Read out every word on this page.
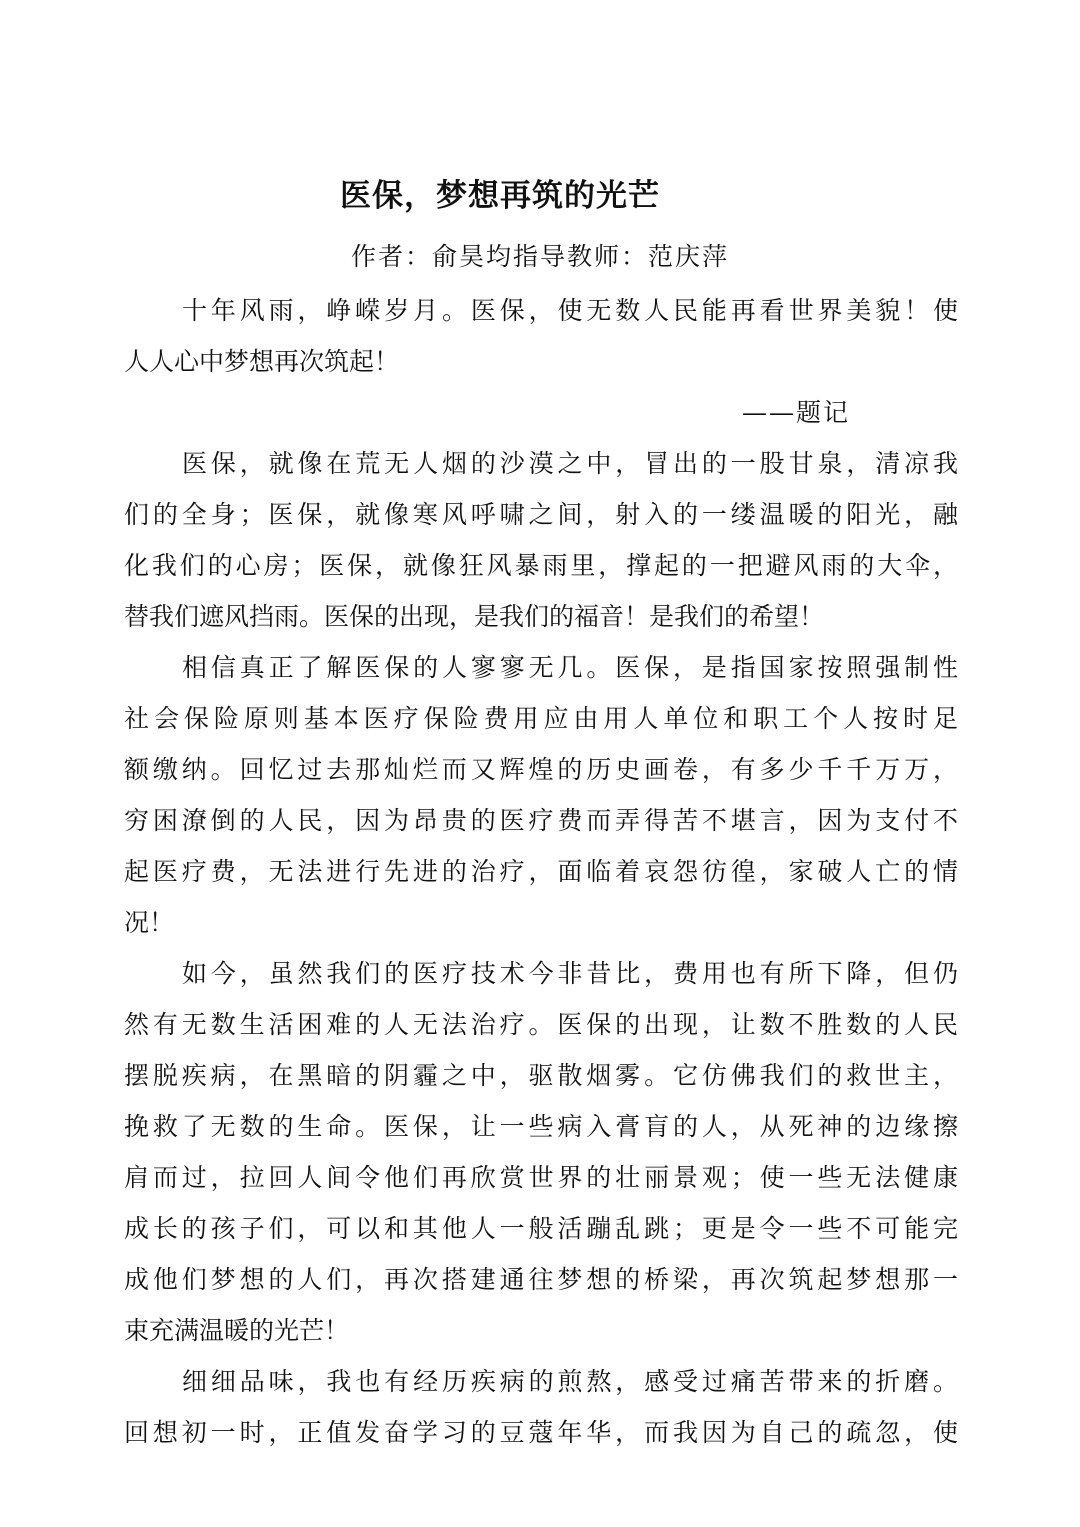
医保，梦想再筑的光芒
作者：俞昊均指导教师：范庆萍
十年风雨，峥嵘岁月。医保，使无数人民能再看世界美貌！使
人人心中梦想再次筑起！
——题记
医保，就像在荒无人烟的沙漠之中，冒出的一股甘泉，清凉我
们的全身；医保，就像寒风呼啸之间，射入的一缕温暖的阳光，融
化我们的心房；医保，就像狂风暴雨里，撑起的一把避风雨的大伞，
替我们遮风挡雨。医保的出现，是我们的福音！是我们的希望！
相信真正了解医保的人寥寥无几。医保，是指国家按照强制性
社会保险原则基本医疗保险费用应由用人单位和职工个人按时足
额缴纳。回忆过去那灿烂而又辉煌的历史画卷，有多少千千万万，
穷困潦倒的人民，因为昂贵的医疗费而弄得苦不堪言，因为支付不
起医疗费，无法进行先进的治疗，面临着哀怨彷徨，家破人亡的情
况！
如今，虽然我们的医疗技术今非昔比，费用也有所下降，但仍
然有无数生活困难的人无法治疗。医保的出现，让数不胜数的人民
摆脱疾病，在黑暗的阴霾之中，驱散烟雾。它仿佛我们的救世主，
挽救了无数的生命。医保，让一些病入膏肓的人，从死神的边缘擦
肩而过，拉回人间令他们再欣赏世界的壮丽景观；使一些无法健康
成长的孩子们，可以和其他人一般活蹦乱跳；更是令一些不可能完
成他们梦想的人们，再次搭建通往梦想的桥梁，再次筑起梦想那一
束充满温暖的光芒！
细细品味，我也有经历疾病的煎熬，感受过痛苦带来的折磨。
回想初一时，正值发奋学习的豆蔻年华，而我因为自己的疏忽，使
